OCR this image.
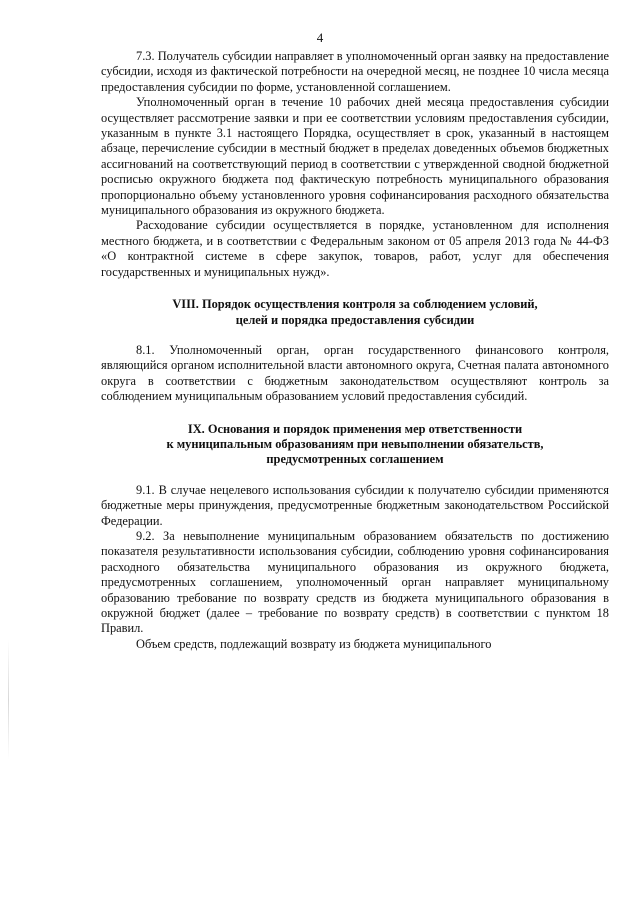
4

7.3. Получатель субсидии направляет в уполномоченный орган заявку на предоставление субсидии, исходя из фактической потребности на очередной месяц, не позднее 10 числа месяца предоставления субсидии по форме, установленной соглашением.

Уполномоченный орган в течение 10 рабочих дней месяца предоставления субсидии осуществляет рассмотрение заявки и при ее соответствии условиям предоставления субсидии, указанным в пункте 3.1 настоящего Порядка, осуществляет в срок, указанный в настоящем абзаце, перечисление субсидии в местный бюджет в пределах доведенных объемов бюджетных ассигнований на соответствующий период в соответствии с утвержденной сводной бюджетной росписью окружного бюджета под фактическую потребность муниципального образования пропорционально объему установленного уровня софинансирования расходного обязательства муниципального образования из окружного бюджета.

Расходование субсидии осуществляется в порядке, установленном для исполнения местного бюджета, и в соответствии с Федеральным законом от 05 апреля 2013 года № 44-ФЗ «О контрактной системе в сфере закупок, товаров, работ, услуг для обеспечения государственных и муниципальных нужд».

VIII. Порядок осуществления контроля за соблюдением условий,
целей и порядка предоставления субсидии

8.1. Уполномоченный орган, орган государственного финансового контроля, являющийся органом исполнительной власти автономного округа, Счетная палата автономного округа в соответствии с бюджетным законодательством осуществляют контроль за соблюдением муниципальным образованием условий предоставления субсидий.

IX. Основания и порядок применения мер ответственности
к муниципальным образованиям при невыполнении обязательств,
предусмотренных соглашением

9.1. В случае нецелевого использования субсидии к получателю субсидии применяются бюджетные меры принуждения, предусмотренные бюджетным законодательством Российской Федерации.

9.2. За невыполнение муниципальным образованием обязательств по достижению показателя результативности использования субсидии, соблюдению уровня софинансирования расходного обязательства муниципального образования из окружного бюджета, предусмотренных соглашением, уполномоченный орган направляет муниципальному образованию требование по возврату средств из бюджета муниципального образования в окружной бюджет (далее – требование по возврату средств) в соответствии с пунктом 18 Правил.

Объем средств, подлежащий возврату из бюджета муниципального
